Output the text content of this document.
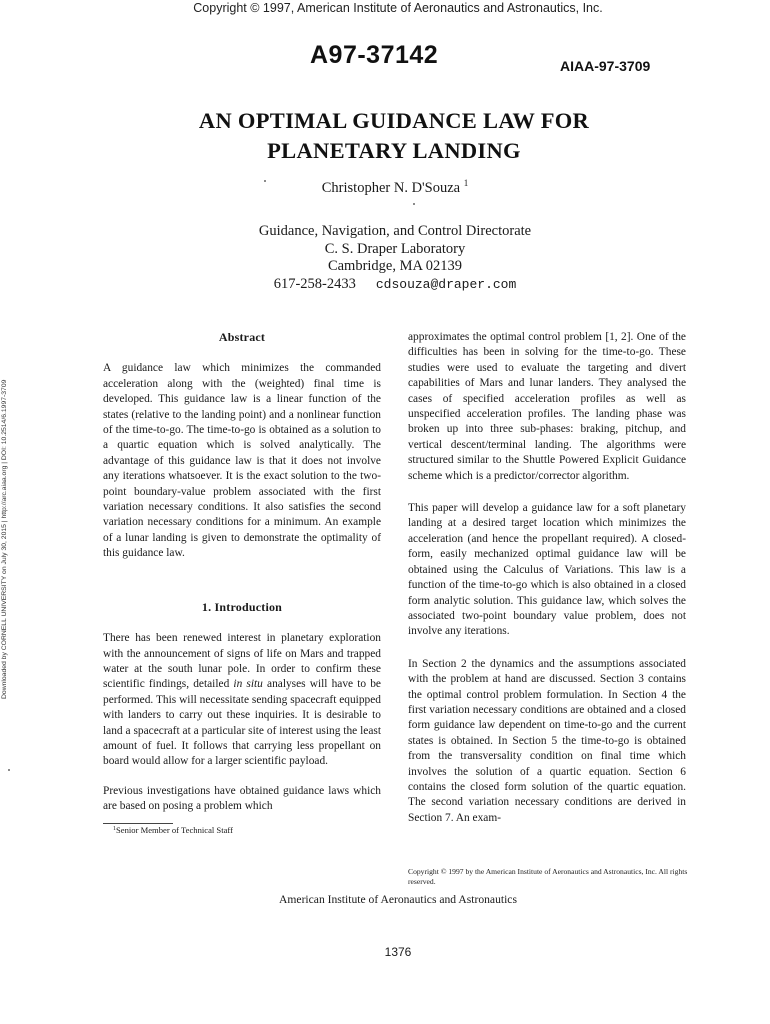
Copyright © 1997, American Institute of Aeronautics and Astronautics, Inc.
A97-37142	AIAA-97-3709
AN OPTIMAL GUIDANCE LAW FOR
PLANETARY LANDING
Christopher N. D'Souza $^1$
Guidance, Navigation, and Control Directorate
C. S. Draper Laboratory
Cambridge, MA 02139
617-258-2433 cdsouza@draper.com
Downloaded by CORNELL UNIVERSITY on July 30, 2015 | http://arc.aiaa.org | DOI: 10.2514/6.1997-3709
Abstract

A guidance law which minimizes the commanded acceleration along with the (weighted) final time is developed. This guidance law is a linear function of the states (relative to the landing point) and a nonlinear function of the time-to-go. The time-to-go is obtained as a solution to a quartic equation which is solved analytically. The advantage of this guidance law is that it does not involve any iterations whatsoever. It is the exact solution to the two-point boundary-value problem associated with the first variation necessary conditions. It also satisfies the second variation necessary conditions for a minimum. An example of a lunar landing is given to demonstrate the optimality of this guidance law.

1. Introduction

There has been renewed interest in planetary exploration with the announcement of signs of life on Mars and trapped water at the south lunar pole. In order to confirm these scientific findings, detailed in situ analyses will have to be performed. This will necessitate sending spacecraft equipped with landers to carry out these inquiries. It is desirable to land a spacecraft at a particular site of interest using the least amount of fuel. It follows that carrying less propellant on board would allow for a larger scientific payload.

Previous investigations have obtained guidance laws which are based on posing a problem which

$^1$Senior Member of Technical Staff

approximates the optimal control problem [1, 2]. One of the difficulties has been in solving for the time-to-go. These studies were used to evaluate the targeting and divert capabilities of Mars and lunar landers. They analysed the cases of specified acceleration profiles as well as unspecified acceleration profiles. The landing phase was broken up into three sub-phases: braking, pitchup, and vertical descent/terminal landing. The algorithms were structured similar to the Shuttle Powered Explicit Guidance scheme which is a predictor/corrector algorithm.

This paper will develop a guidance law for a soft planetary landing at a desired target location which minimizes the acceleration (and hence the propellant required). A closed-form, easily mechanized optimal guidance law will be obtained using the Calculus of Variations. This law is a function of the time-to-go which is also obtained in a closed form analytic solution. This guidance law, which solves the associated two-point boundary value problem, does not involve any iterations.

In Section 2 the dynamics and the assumptions associated with the problem at hand are discussed. Section 3 contains the optimal control problem formulation. In Section 4 the first variation necessary conditions are obtained and a closed form guidance law dependent on time-to-go and the current states is obtained. In Section 5 the time-to-go is obtained from the transversality condition on final time which involves the solution of a quartic equation. Section 6 contains the closed form solution of the quartic equation. The second variation necessary conditions are derived in Section 7. An exam-

Copyright © 1997 by the American Institute of Aeronautics and Astronautics, Inc. All rights reserved.
American Institute of Aeronautics and Astronautics
1376
